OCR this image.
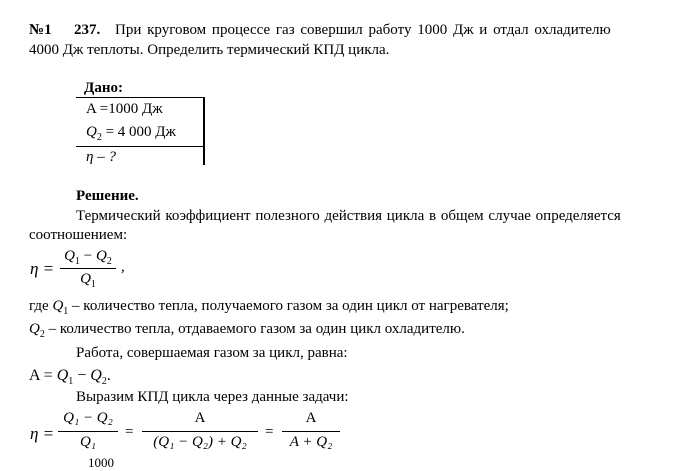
№1 237. При круговом процессе газ совершил работу 1000 Дж и отдал охладителю
4000 Дж теплоты. Определить термический КПД цикла.
Дано:
A =1000 Дж
$Q_2 = 4$ 000 Дж
η – ?
Решение.
Термический коэффициент полезного действия цикла в общем случае определяется
соотношением:
η =
$Q_1 - Q_2$
$Q_1$
,
где $Q_1$ – количество тепла, получаемого газом за один цикл от нагревателя;
$Q_2$ – количество тепла, отдаваемого газом за один цикл охладителю.
Работа, совершаемая газом за цикл, равна:
$A = Q_1 - Q_2$.
Выразим КПД цикла через данные задачи:
η =
Q₁ − Q₂
Q₁
=
A
(Q₁ − Q₂) + Q₂
=
A
A + Q₂
1000
